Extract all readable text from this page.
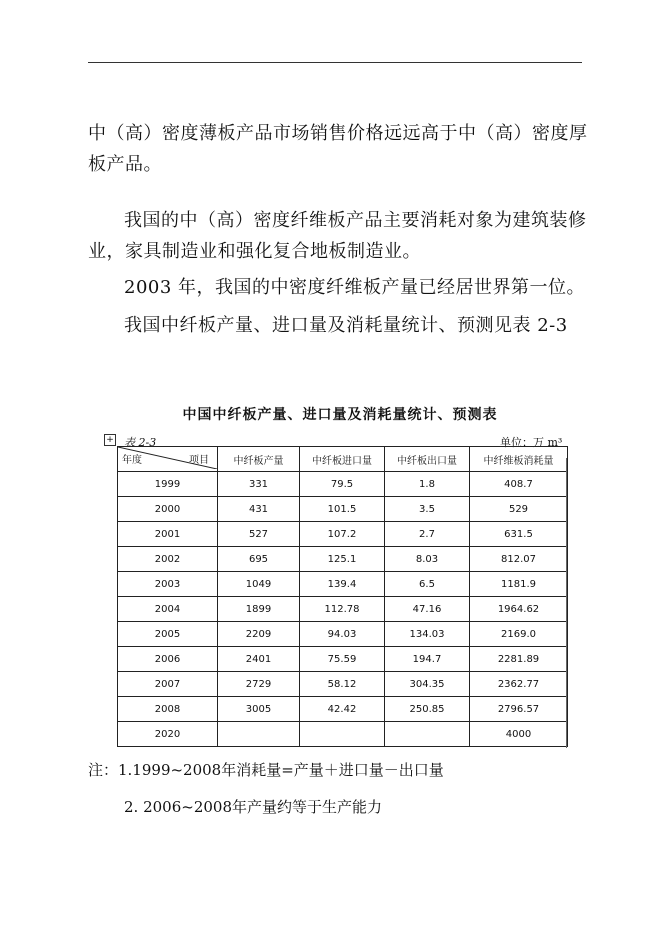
中（高）密度薄板产品市场销售价格远远高于中（高）密度厚板产品。
我国的中（高）密度纤维板产品主要消耗对象为建筑装修业，家具制造业和强化复合地板制造业。
2003 年，我国的中密度纤维板产量已经居世界第一位。
我国中纤板产量、进口量及消耗量统计、预测见表 2-3
中国中纤板产量、进口量及消耗量统计、预测表
+ 表 2-3	单位：万 m³
年度 项目	中纤板产量	中纤板进口量	中纤板出口量	中纤维板消耗量
1999	331	79.5	1.8	408.7
2000	431	101.5	3.5	529
2001	527	107.2	2.7	631.5
2002	695	125.1	8.03	812.07
2003	1049	139.4	6.5	1181.9
2004	1899	112.78	47.16	1964.62
2005	2209	94.03	134.03	2169.0
2006	2401	75.59	194.7	2281.89
2007	2729	58.12	304.35	2362.77
2008	3005	42.42	250.85	2796.57
2020				4000
注：1.1999~2008年消耗量=产量＋进口量－出口量
2. 2006~2008年产量约等于生产能力
